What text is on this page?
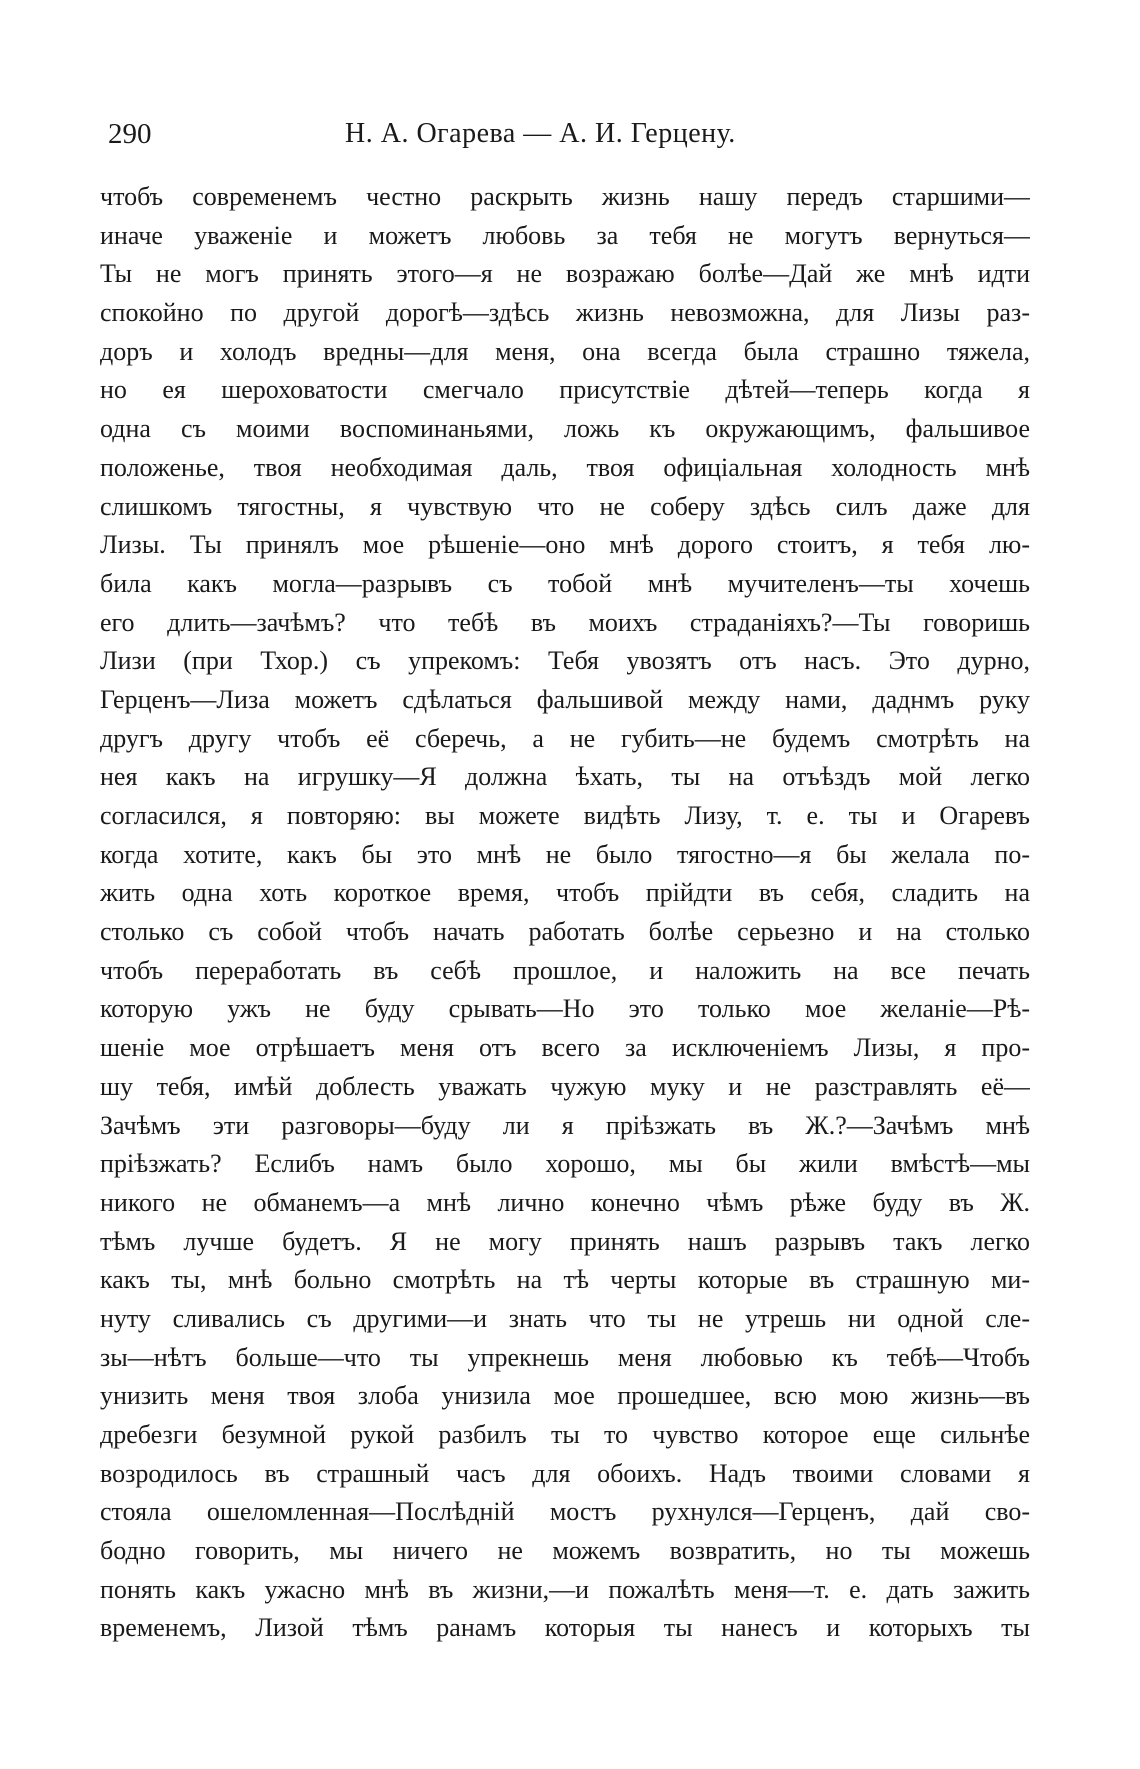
290	Н. А. Огарева — А. И. Герцену.
чтобъ современемъ честно раскрыть жизнь нашу передъ старшими—
иначе уваженіе и можетъ любовь за тебя не могутъ вернуться—
Ты не могъ принять этого—я не возражаю болѣе—Дай же мнѣ идти
спокойно по другой дорогѣ—здѣсь жизнь невозможна, для Лизы раз-
доръ и холодъ вредны—для меня, она всегда была страшно тяжела,
но ея шероховатости смегчало присутствіе дѣтей—теперь когда я
одна съ моими воспоминаньями, ложь къ окружающимъ, фальшивое
положенье, твоя необходимая даль, твоя офиціальная холодность мнѣ
слишкомъ тягостны, я чувствую что не соберу здѣсь силъ даже для
Лизы. Ты принялъ мое рѣшеніе—оно мнѣ дорого стоитъ, я тебя лю-
била какъ могла—разрывъ съ тобой мнѣ мучителенъ—ты хочешь
его длить—зачѣмъ? что тебѣ въ моихъ страданіяхъ?—Ты говоришь
Лизи (при Тхор.) съ упрекомъ: Тебя увозятъ отъ насъ. Это дурно,
Герценъ—Лиза можетъ сдѣлаться фальшивой между нами, даднмъ руку
другъ другу чтобъ её сберечь, а не губить—не будемъ смотрѣть на
нея какъ на игрушку—Я должна ѣхать, ты на отъѣздъ мой легко
согласился, я повторяю: вы можете видѣть Лизу, т. е. ты и Огаревъ
когда хотите, какъ бы это мнѣ не было тягостно—я бы желала по-
жить одна хоть короткое время, чтобъ прійдти въ себя, сладить на
столько съ собой чтобъ начать работать болѣе серьезно и на столько
чтобъ переработать въ себѣ прошлое, и наложить на все печать
которую ужъ не буду срывать—Но это только мое желаніе—Рѣ-
шеніе мое отрѣшаетъ меня отъ всего за исключеніемъ Лизы, я про-
шу тебя, имѣй доблесть уважать чужую муку и не разстравлять её—
Зачѣмъ эти разговоры—буду ли я пріѣзжать въ Ж.?—Зачѣмъ мнѣ
пріѣзжать? Еслибъ намъ было хорошо, мы бы жили вмѣстѣ—мы
никого не обманемъ—а мнѣ лично конечно чѣмъ рѣже буду въ Ж.
тѣмъ лучше будетъ. Я не могу принять нашъ разрывъ такъ легко
какъ ты, мнѣ больно смотрѣть на тѣ черты которые въ страшную ми-
нуту сливались съ другими—и знать что ты не утрешь ни одной сле-
зы—нѣтъ больше—что ты упрекнешь меня любовью къ тебѣ—Чтобъ
унизить меня твоя злоба унизила мое прошедшее, всю мою жизнь—въ
дребезги безумной рукой разбилъ ты то чувство которое еще сильнѣе
возродилось въ страшный часъ для обоихъ. Надъ твоими словами я
стояла ошеломленная—Послѣдній мостъ рухнулся—Герценъ, дай сво-
бодно говорить, мы ничего не можемъ возвратить, но ты можешь
понять какъ ужасно мнѣ въ жизни,—и пожалѣть меня—т. е. дать зажить
временемъ, Лизой тѣмъ ранамъ которыя ты нанесъ и которыхъ ты
